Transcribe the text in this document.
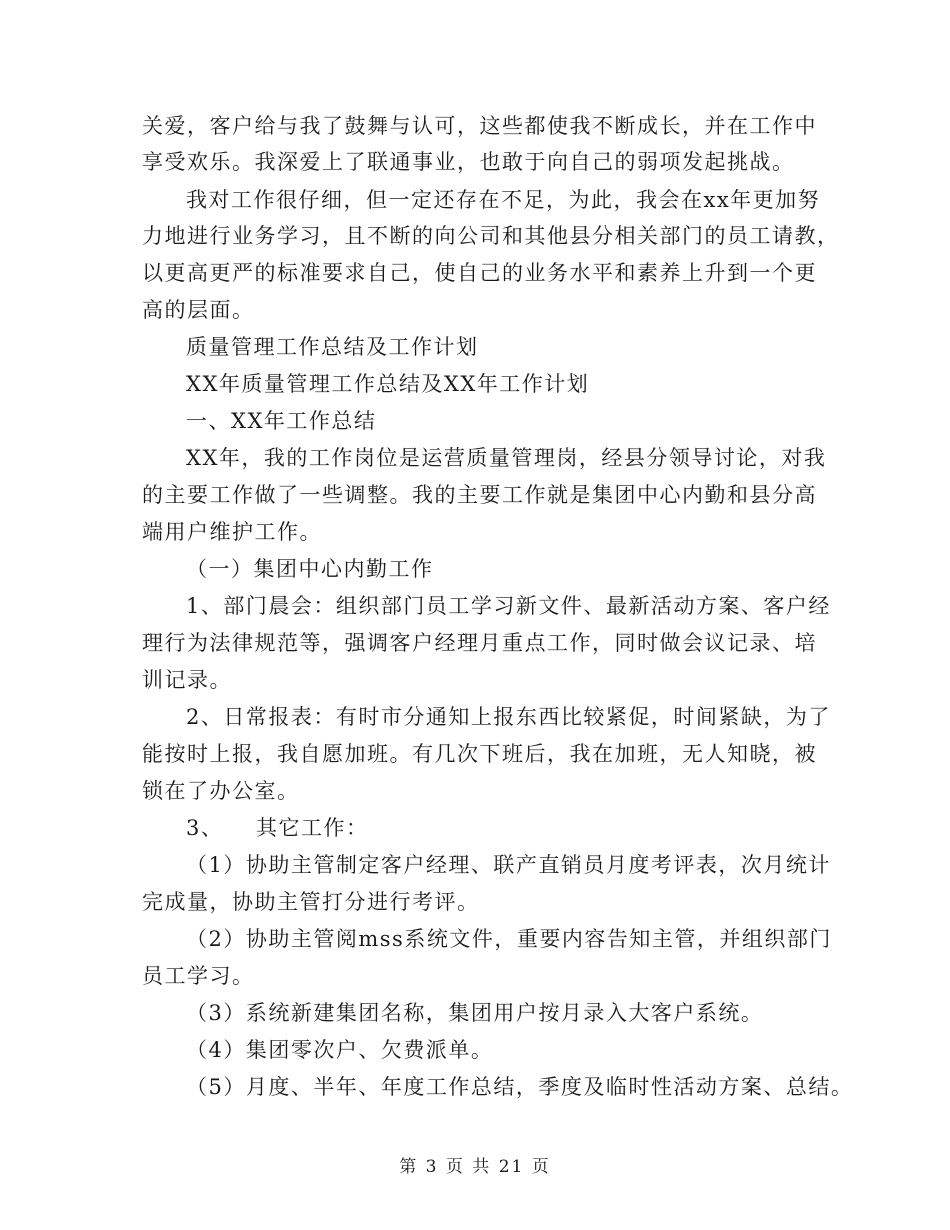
关爱，客户给与我了鼓舞与认可，这些都使我不断成长，并在工作中
享受欢乐。我深爱上了联通事业，也敢于向自己的弱项发起挑战。
我对工作很仔细，但一定还存在不足，为此，我会在xx年更加努
力地进行业务学习，且不断的向公司和其他县分相关部门的员工请教，
以更高更严的标准要求自己，使自己的业务水平和素养上升到一个更
高的层面。
质量管理工作总结及工作计划
XX年质量管理工作总结及XX年工作计划
一、XX年工作总结
XX年，我的工作岗位是运营质量管理岗，经县分领导讨论，对我
的主要工作做了一些调整。我的主要工作就是集团中心内勤和县分高
端用户维护工作。
（一）集团中心内勤工作
1、部门晨会：组织部门员工学习新文件、最新活动方案、客户经
理行为法律规范等，强调客户经理月重点工作，同时做会议记录、培
训记录。
2、日常报表：有时市分通知上报东西比较紧促，时间紧缺，为了
能按时上报，我自愿加班。有几次下班后，我在加班，无人知晓，被
锁在了办公室。
3、    其它工作：
（1）协助主管制定客户经理、联产直销员月度考评表，次月统计
完成量，协助主管打分进行考评。
（2）协助主管阅mss系统文件，重要内容告知主管，并组织部门
员工学习。
（3）系统新建集团名称，集团用户按月录入大客户系统。
（4）集团零次户、欠费派单。
（5）月度、半年、年度工作总结，季度及临时性活动方案、总结。
第 3 页 共 21 页
